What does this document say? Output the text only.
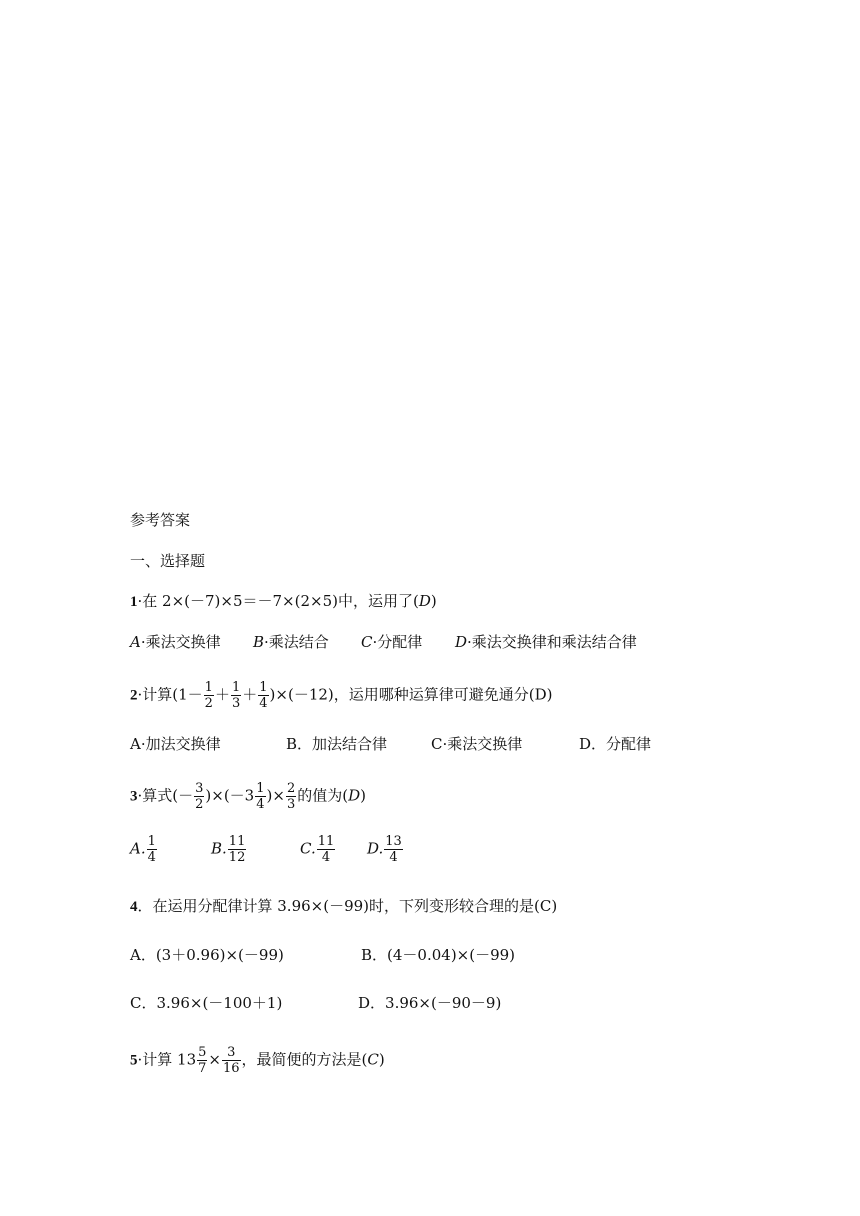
参考答案
一、选择题
1·在 2×(－7)×5＝－7×(2×5)中，运用了(D)
A·乘法交换律 B·乘法结合 C·分配律 D·乘法交换律和乘法结合律
2·计算$(1- \frac{1}{2} + \frac{1}{3} + \frac{1}{4} )\times(-12)$，运用哪种运算律可避免通分(D)
A·加法交换律	B．加法结合律	C·乘法交换律	D．分配律
3·算式(－ $\frac{3}{2} )\times(-3 \frac{1}{4}$ )× $\frac{2}{3}$ 的值为(D)
A. $\frac{1}{4}$	B. $\frac{11}{12}$	C. $\frac{11}{4} D$. $\frac{13}{4}$
4．在运用分配律计算 3.96×(－99)时，下列变形较合理的是(C)
A．(3＋0.96)×(－99)	B．(4－0.04)×(－99)
C．3.96×(－100＋1)	D．3.96×(－90－9)
5·计算 $13 \frac{5}{7} \times \frac{3}{16}$ ，最简便的方法是(C)
